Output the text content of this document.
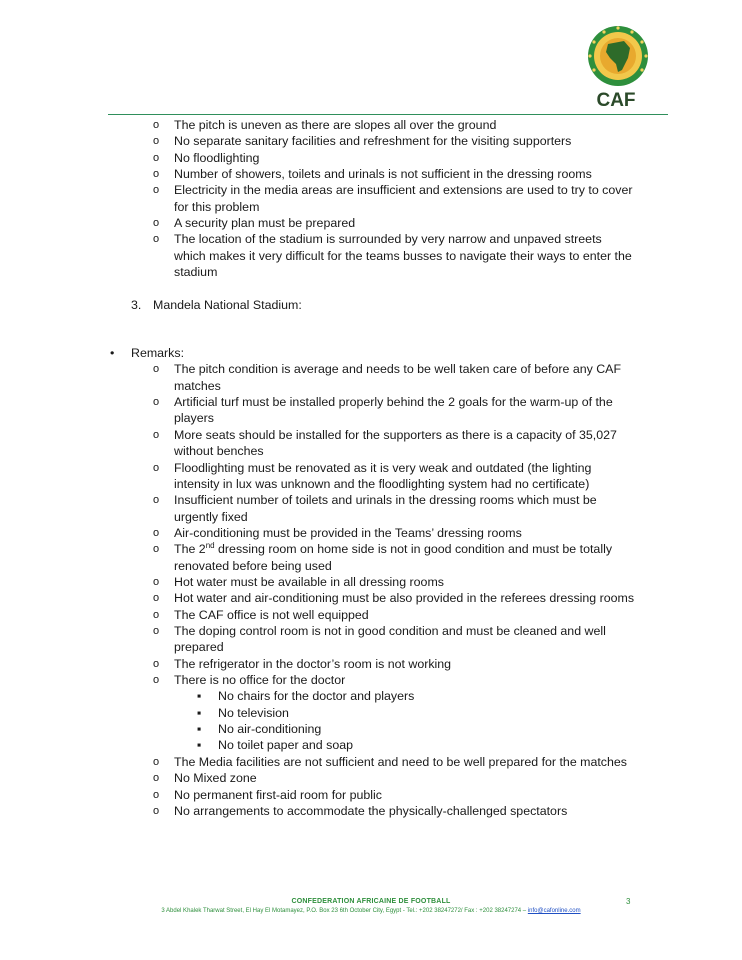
CAF
o The pitch is uneven as there are slopes all over the ground
o No separate sanitary facilities and refreshment for the visiting supporters
o No floodlighting
o Number of showers, toilets and urinals is not sufficient in the dressing rooms
o Electricity in the media areas are insufficient and extensions are used to try to cover
for this problem
o A security plan must be prepared
o The location of the stadium is surrounded by very narrow and unpaved streets
which makes it very difficult for the teams busses to navigate their ways to enter the
stadium
3. Mandela National Stadium:
• Remarks:
o The pitch condition is average and needs to be well taken care of before any CAF
matches
o Artificial turf must be installed properly behind the 2 goals for the warm-up of the
players
o More seats should be installed for the supporters as there is a capacity of 35,027
without benches
o Floodlighting must be renovated as it is very weak and outdated (the lighting
intensity in lux was unknown and the floodlighting system had no certificate)
o Insufficient number of toilets and urinals in the dressing rooms which must be
urgently fixed
o Air-conditioning must be provided in the Teams’ dressing rooms
o The 2nd dressing room on home side is not in good condition and must be totally
renovated before being used
o Hot water must be available in all dressing rooms
o Hot water and air-conditioning must be also provided in the referees dressing rooms
o The CAF office is not well equipped
o The doping control room is not in good condition and must be cleaned and well
prepared
o The refrigerator in the doctor’s room is not working
o There is no office for the doctor
▪ No chairs for the doctor and players
▪ No television
▪ No air-conditioning
▪ No toilet paper and soap
o The Media facilities are not sufficient and need to be well prepared for the matches
o No Mixed zone
o No permanent first-aid room for public
o No arrangements to accommodate the physically-challenged spectators
CONFEDERATION AFRICAINE DE FOOTBALL
3 Abdel Khalek Tharwat Street, El Hay El Motamayez, P.O. Box 23 6th October City, Egypt - Tel.: +202 38247272/ Fax : +202 38247274 – info@cafonline.com
3
